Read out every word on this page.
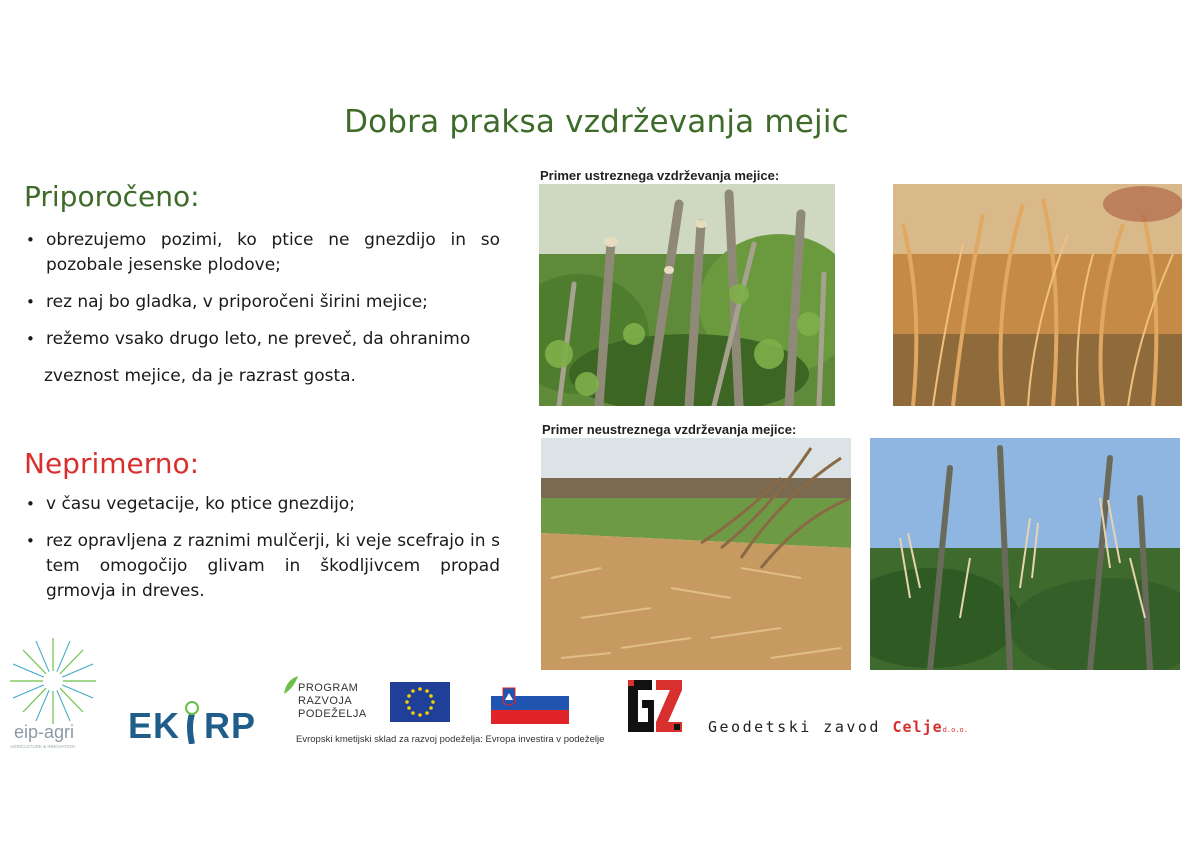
Dobra praksa vzdrževanja mejic
Priporočeno:
• obrezujemo pozimi, ko ptice ne gnezdijo in so pozobale jesenske plodove;
• rez naj bo gladka, v priporočeni širini mejice;
• režemo vsako drugo leto, ne preveč, da ohranimo
zveznost mejice, da je razrast gosta.
Neprimerno:
• v času vegetacije, ko ptice gnezdijo;
• rez opravljena z raznimi mulčerji, ki veje scefrajo in s tem omogočijo glivam in škodljivcem propad grmovja in dreves.
Primer ustreznega vzdrževanja mejice:
Primer neustreznega vzdrževanja mejice:
eip-agri
AGRICULTURE & INNOVATION
EK RP
PROGRAM
RAZVOJA
PODEŽELJA
Evropski kmetijski sklad za razvoj podeželja: Evropa investira v podeželje
Geodetski zavod Celjed.o.o.
